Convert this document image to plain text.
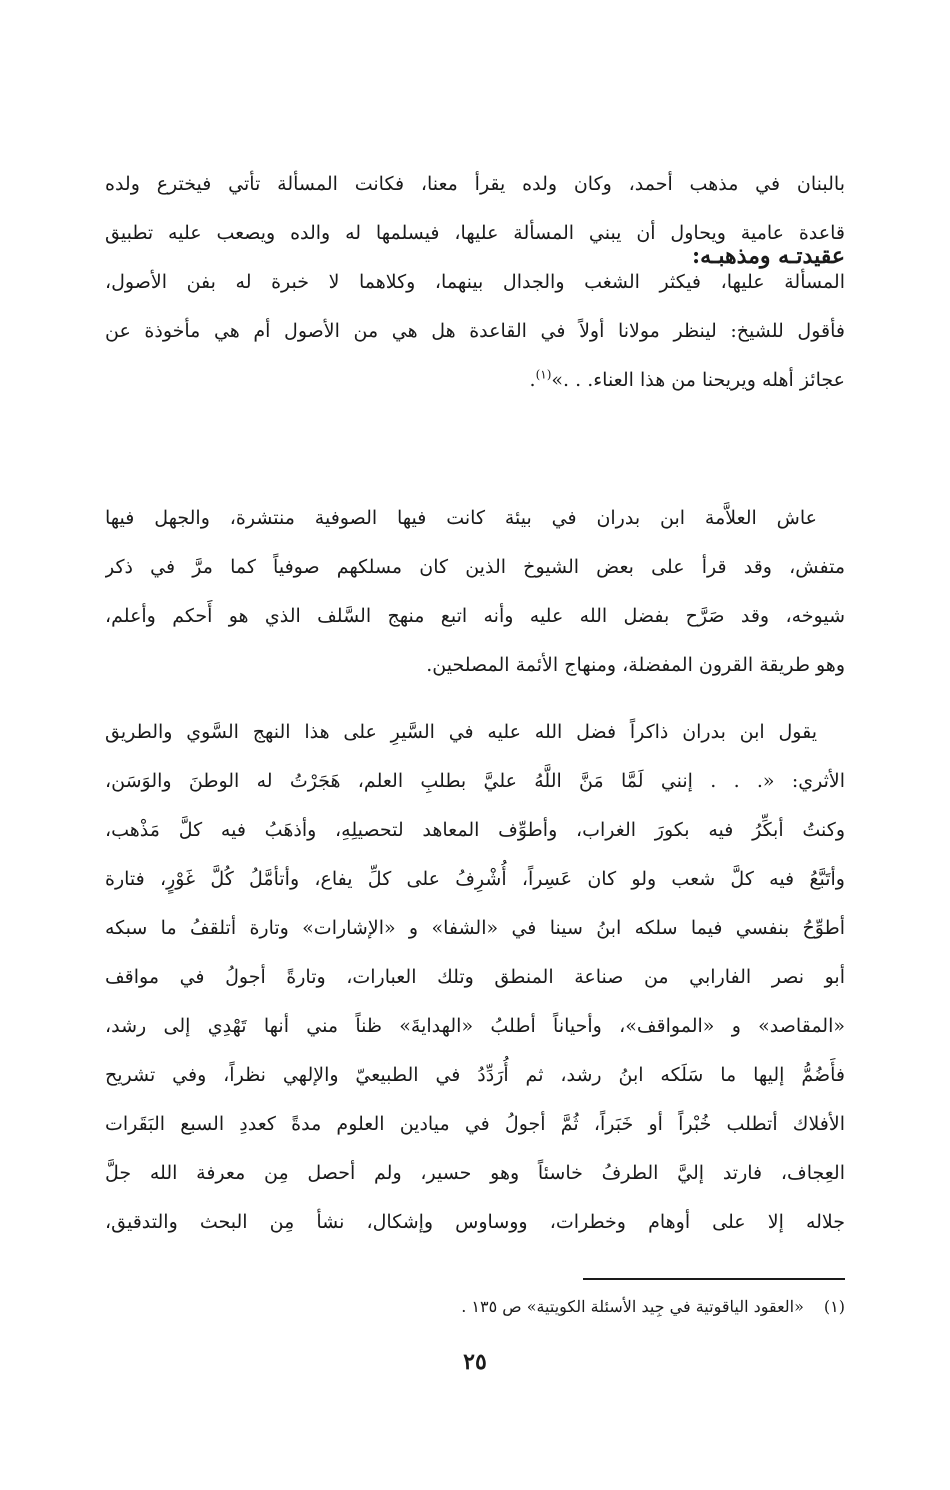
بالبنان في مذهب أحمد، وكان ولده يقرأ معنا، فكانت المسألة تأتي فيخترع ولده
قاعدة عامية ويحاول أن يبني المسألة عليها، فيسلمها له والده ويصعب عليه تطبيق
المسألة عليها، فيكثر الشغب والجدال بينهما، وكلاهما لا خبرة له بفن الأصول،
فأقول للشيخ: لينظر مولانا أولاً في القاعدة هل هي من الأصول أم هي مأخوذة عن
عجائز أهله ويريحنا من هذا العناء. . .»$^{(١)}$.
عقيدتـه ومذهبـه:
عاش العلاَّمة ابن بدران في بيئة كانت فيها الصوفية منتشرة، والجهل فيها
متفش، وقد قرأ على بعض الشيوخ الذين كان مسلكهم صوفياً كما مرَّ في ذكر
شيوخه، وقد صَرَّح بفضل الله عليه وأنه اتبع منهج السَّلف الذي هو أَحكم وأعلم،
وهو طريقة القرون المفضلة، ومنهاج الأئمة المصلحين.
يقول ابن بدران ذاكراً فضل الله عليه في السَّيرِ على هذا النهج السَّوي والطريق
الأثري: «. . . إنني لَمَّا مَنَّ اللَّهُ عليَّ بطلبِ العلم، هَجَرْتُ له الوطنَ والوَسَن،
وكنتُ أبكِّرُ فيه بكورَ الغراب، وأطوِّف المعاهد لتحصيلِهِ، وأذهَبُ فيه كلَّ مَذْهب،
وأتَبَّعُ فيه كلَّ شعب ولو كان عَسِراً، أُشْرِفُ على كلِّ يفاع، وأتأمَّلُ كُلَّ غَوْرٍ، فتارة
أطوِّحُ بنفسي فيما سلكه ابنُ سينا في «الشفا» و «الإشارات» وتارة أتلقفُ ما سبكه
أبو نصر الفارابي من صناعة المنطق وتلك العبارات، وتارةً أجولُ في مواقف
«المقاصد» و «المواقف»، وأحياناً أطلبُ «الهدايةَ» ظناً مني أنها تَهْدِي إلى رشد،
فأَضُمُّ إليها ما سَلَكه ابنُ رشد، ثم أُرَدِّدُ في الطبيعيّ والإلهي نظراً، وفي تشريح
الأفلاك أتطلب خُبْراً أو خَبَراً، ثُمَّ أجولُ في ميادين العلوم مدةً كعددِ السبع البَقَرات
العِجاف، فارتد إليَّ الطرفُ خاسئاً وهو حسير، ولم أحصل مِن معرفة الله جلَّ
جلاله إلا على أوهام وخطرات، ووساوس وإشكال، نشأ مِن البحث والتدقيق،

(١)«العقود الياقوتية في جِيد الأسئلة الكويتية» ص ١٣٥ .

٢٥
